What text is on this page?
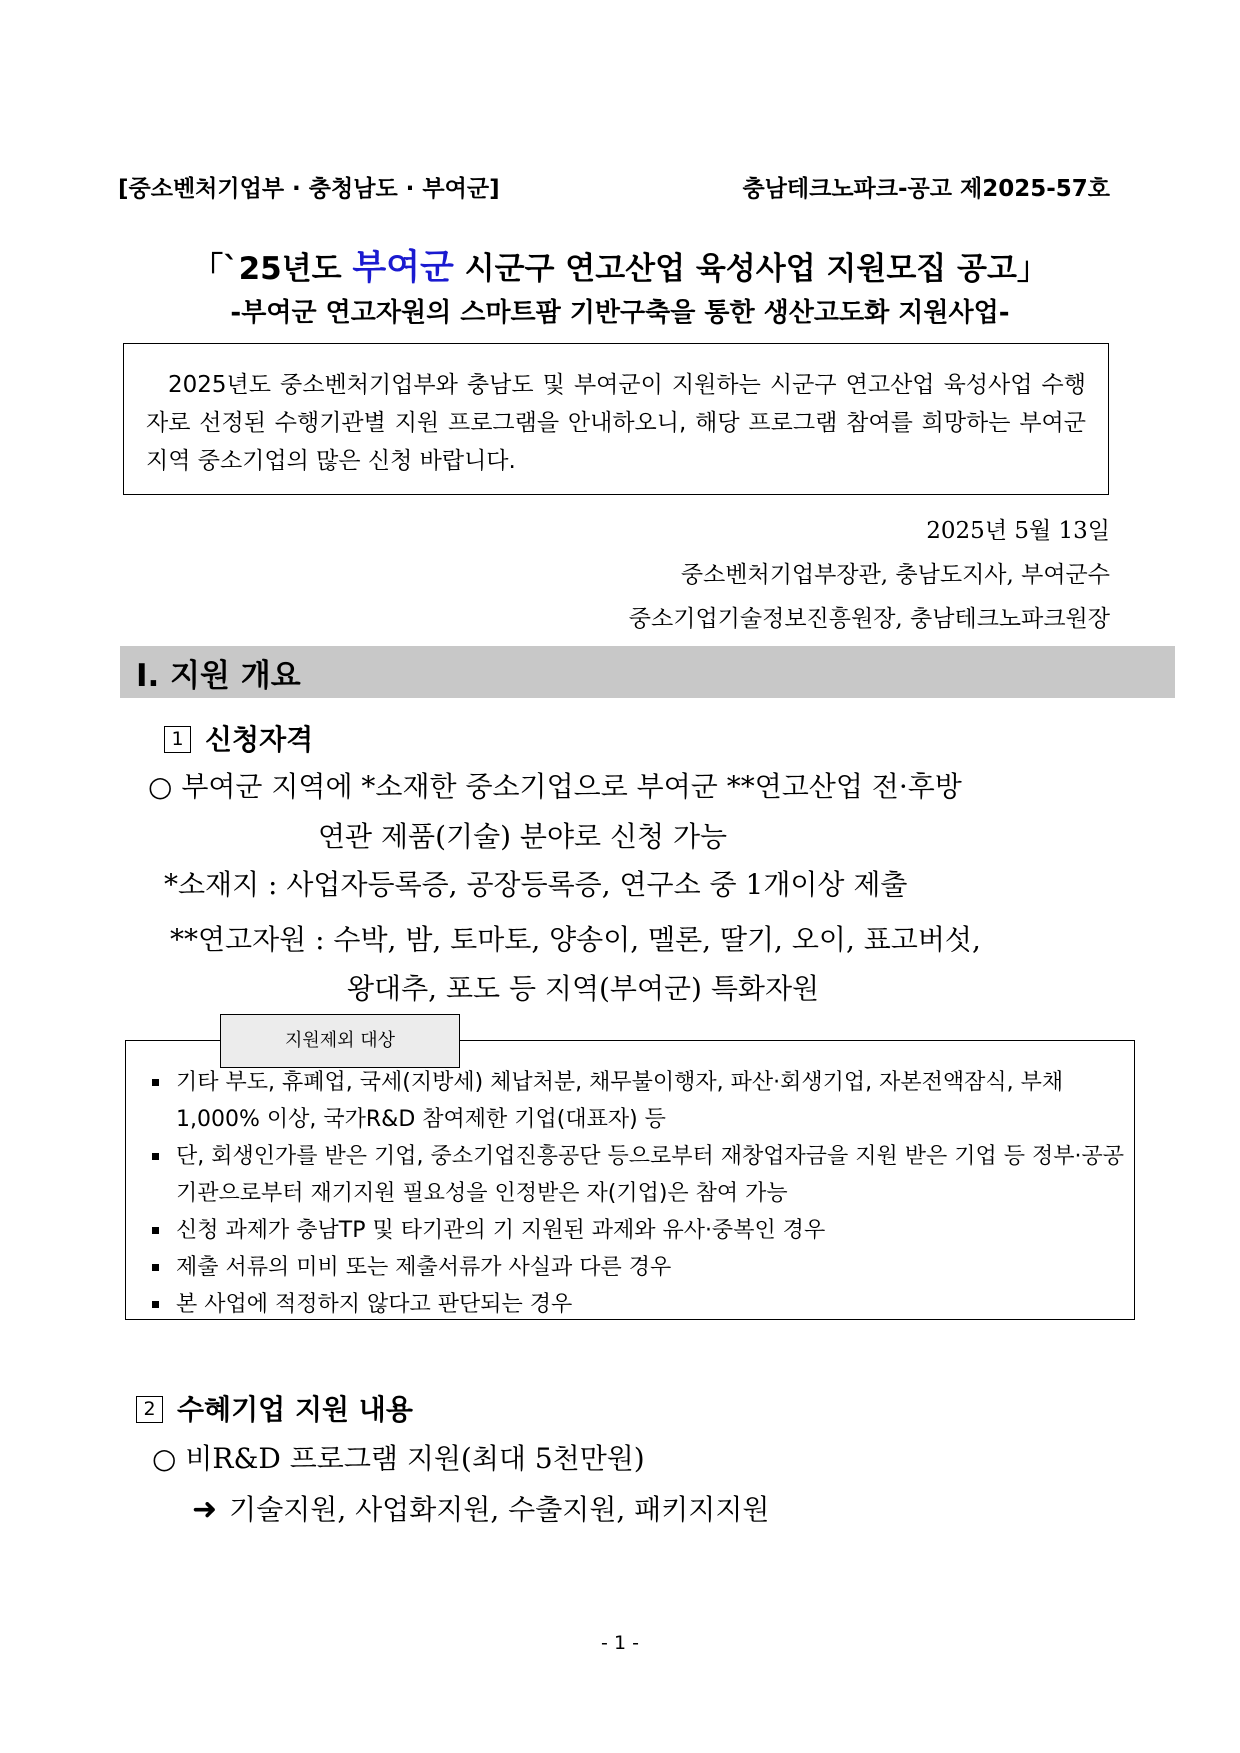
[중소벤처기업부 · 충청남도 · 부여군]	충남테크노파크-공고 제2025-57호
「`25년도 부여군 시군구 연고산업 육성사업 지원모집 공고」
-부여군 연고자원의 스마트팜 기반구축을 통한 생산고도화 지원사업-

2025년도 중소벤처기업부와 충남도 및 부여군이 지원하는 시군구 연고산업 육성사업 수행자로 선정된 수행기관별 지원 프로그램을 안내하오니, 해당 프로그램 참여를 희망하는 부여군 지역 중소기업의 많은 신청 바랍니다.

2025년 5월 13일
중소벤처기업부장관, 충남도지사, 부여군수
중소기업기술정보진흥원장, 충남테크노파크원장
Ⅰ. 지원 개요
1 신청자격
○ 부여군 지역에 *소재한 중소기업으로 부여군 **연고산업 전·후방
연관 제품(기술) 분야로 신청 가능
*소재지 : 사업자등록증, 공장등록증, 연구소 중 1개이상 제출
**연고자원 : 수박, 밤, 토마토, 양송이, 멜론, 딸기, 오이, 표고버섯,
왕대추, 포도 등 지역(부여군) 특화자원
지원제외 대상
기타 부도, 휴폐업, 국세(지방세) 체납처분, 채무불이행자, 파산·회생기업, 자본전액잠식, 부채 1,000% 이상, 국가R&D 참여제한 기업(대표자) 등
단, 회생인가를 받은 기업, 중소기업진흥공단 등으로부터 재창업자금을 지원 받은 기업 등 정부·공공기관으로부터 재기지원 필요성을 인정받은 자(기업)은 참여 가능
신청 과제가 충남TP 및 타기관의 기 지원된 과제와 유사·중복인 경우
제출 서류의 미비 또는 제출서류가 사실과 다른 경우
본 사업에 적정하지 않다고 판단되는 경우
2 수혜기업 지원 내용
○ 비R&D 프로그램 지원(최대 5천만원)
➜ 기술지원, 사업화지원, 수출지원, 패키지지원
- 1 -
